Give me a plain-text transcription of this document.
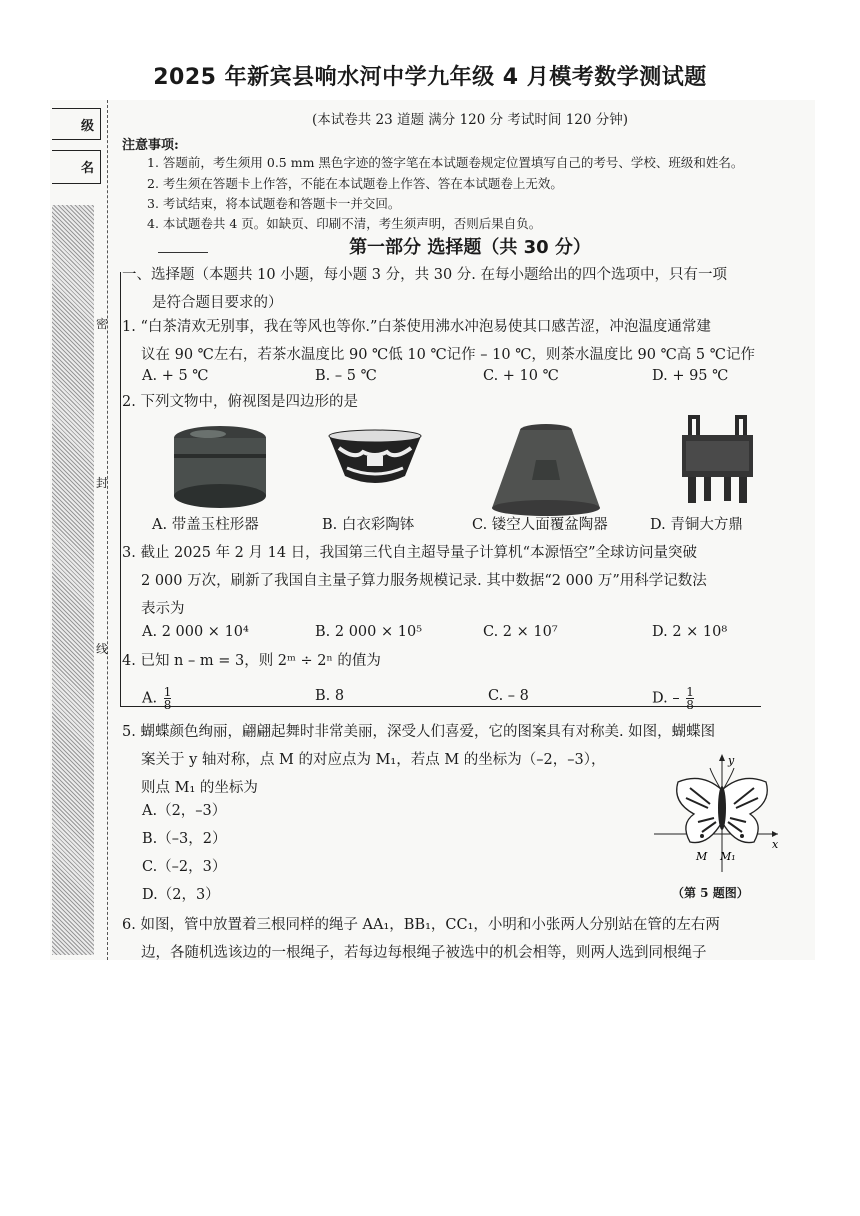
2025 年新宾县响水河中学九年级 4 月模考数学测试题
(本试卷共 23 道题 满分 120 分 考试时间 120 分钟)
级
名
密
封
线
注意事项:
1. 答题前，考生须用 0.5 mm 黑色字迹的签字笔在本试题卷规定位置填写自己的考号、学校、班级和姓名。
2. 考生须在答题卡上作答，不能在本试题卷上作答、答在本试题卷上无效。
3. 考试结束，将本试题卷和答题卡一并交回。
4. 本试题卷共 4 页。如缺页、印刷不清，考生须声明，否则后果自负。
第一部分 选择题（共 30 分）
一、选择题（本题共 10 小题，每小题 3 分，共 30 分. 在每小题给出的四个选项中，只有一项
是符合题目要求的）
1. “白茶清欢无别事，我在等风也等你.”白茶使用沸水冲泡易使其口感苦涩，冲泡温度通常建
议在 90 ℃左右，若茶水温度比 90 ℃低 10 ℃记作 – 10 ℃，则茶水温度比 90 ℃高 5 ℃记作
A. + 5 ℃	B. – 5 ℃	C. + 10 ℃	D. + 95 ℃
2. 下列文物中，俯视图是四边形的是
A. 带盖玉柱形器	B. 白衣彩陶钵	C. 镂空人面覆盆陶器	D. 青铜大方鼎
3. 截止 2025 年 2 月 14 日，我国第三代自主超导量子计算机“本源悟空”全球访问量突破
2 000 万次，刷新了我国自主量子算力服务规模记录. 其中数据“2 000 万”用科学记数法
表示为
A. 2 000 × 10⁴	B. 2 000 × 10⁵	C. 2 × 10⁷	D. 2 × 10⁸
4. 已知 n – m = 3，则 2ᵐ ÷ 2ⁿ 的值为
A. $\frac{1}{8}$	B. 8	C. – 8	D. – $\frac{1}{8}$
5. 蝴蝶颜色绚丽，翩翩起舞时非常美丽，深受人们喜爱，它的图案具有对称美. 如图，蝴蝶图
案关于 y 轴对称，点 M 的对应点为 M₁，若点 M 的坐标为（–2，–3），
则点 M₁ 的坐标为
A.（2，–3）
B.（–3，2）
C.（–2，3）
D.（2，3）
y
x
M M₁
（第 5 题图）
6. 如图，管中放置着三根同样的绳子 AA₁，BB₁，CC₁，小明和小张两人分别站在管的左右两
边，各随机选该边的一根绳子，若每边每根绳子被选中的机会相等，则两人选到同根绳子
